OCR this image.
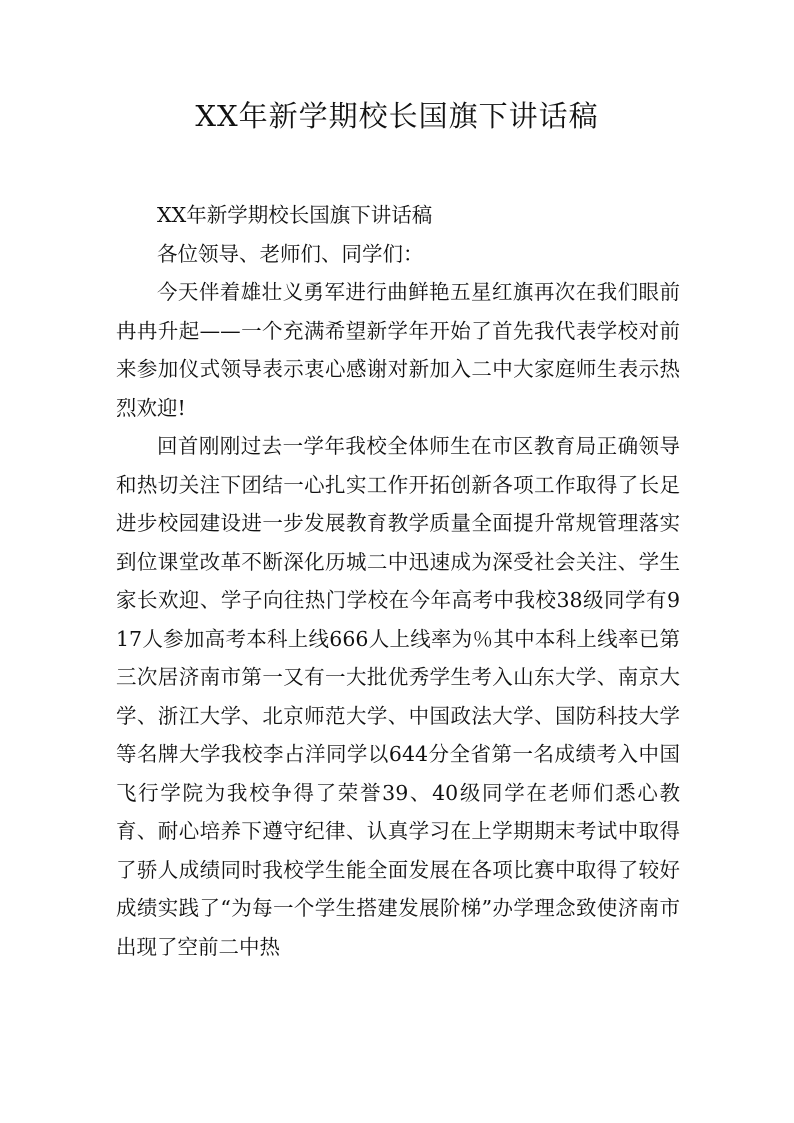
XX年新学期校长国旗下讲话稿

XX年新学期校长国旗下讲话稿

各位领导、老师们、同学们：

今天伴着雄壮义勇军进行曲鲜艳五星红旗再次在我们眼前冉冉升起——一个充满希望新学年开始了首先我代表学校对前来参加仪式领导表示衷心感谢对新加入二中大家庭师生表示热烈欢迎!

回首刚刚过去一学年我校全体师生在市区教育局正确领导和热切关注下团结一心扎实工作开拓创新各项工作取得了长足进步校园建设进一步发展教育教学质量全面提升常规管理落实到位课堂改革不断深化历城二中迅速成为深受社会关注、学生家长欢迎、学子向往热门学校在今年高考中我校38级同学有917人参加高考本科上线666人上线率为％其中本科上线率已第三次居济南市第一又有一大批优秀学生考入山东大学、南京大学、浙江大学、北京师范大学、中国政法大学、国防科技大学等名牌大学我校李占洋同学以644分全省第一名成绩考入中国飞行学院为我校争得了荣誉39、40级同学在老师们悉心教育、耐心培养下遵守纪律、认真学习在上学期期末考试中取得了骄人成绩同时我校学生能全面发展在各项比赛中取得了较好成绩实践了“为每一个学生搭建发展阶梯”办学理念致使济南市出现了空前二中热
